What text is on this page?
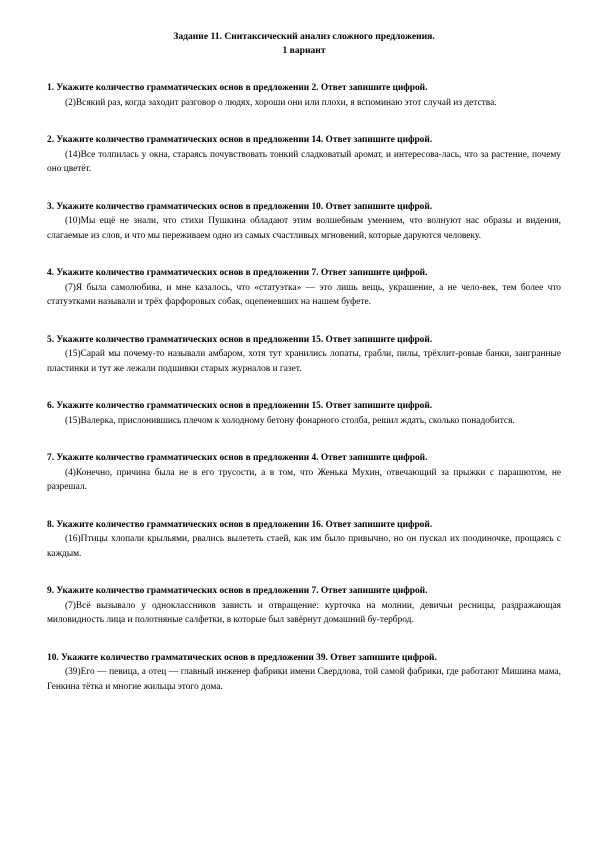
Задание 11. Синтаксический анализ сложного предложения.
1 вариант

1. Укажите количество грамматических основ в предложении 2. Ответ запишите цифрой.

(2)Всякий раз, когда заходит разговор о людях, хороши они или плохи, я вспоминаю этот случай из детства.

2. Укажите количество грамматических основ в предложении 14. Ответ запишите цифрой.

(14)Все толпилась у окна, стараясь почувствовать тонкий сладковатый аромат, и интересова-лась, что за растение, почему оно цветёт.

3. Укажите количество грамматических основ в предложении 10. Ответ запишите цифрой.

(10)Мы ещё не знали, что стихи Пушкина обладают этим волшебным умением, что волнуют нас образы и видения, слагаемые из слов, и что мы переживаем одно из самых счастливых мгновений, которые даруются человеку.

4. Укажите количество грамматических основ в предложении 7. Ответ запишите цифрой.

(7)Я была самолюбива, и мне казалось, что «статуэтка» — это лишь вещь, украшение, а не чело-век, тем более что статуэтками называли и трёх фарфоровых собак, оцепеневших на нашем буфете.

5. Укажите количество грамматических основ в предложении 15. Ответ запишите цифрой.

(15)Сарай мы почему-то называли амбаром, хотя тут хранились лопаты, грабли, пилы, трёхлит-ровые банки, заигранные пластинки и тут же лежали подшивки старых журналов и газет.

6. Укажите количество грамматических основ в предложении 15. Ответ запишите цифрой.

(15)Валерка, прислонившись плечом к холодному бетону фонарного столба, решил ждать, сколько понадобится.

7. Укажите количество грамматических основ в предложении 4. Ответ запишите цифрой.

(4)Конечно, причина была не в его трусости, а в том, что Женька Мухин, отвечающий за прыжки с парашютом, не разрешал.

8. Укажите количество грамматических основ в предложении 16. Ответ запишите цифрой.

(16)Птицы хлопали крыльями, рвались вылететь стаей, как им было привычно, но он пускал их поодиночке, прощаясь с каждым.

9. Укажите количество грамматических основ в предложении 7. Ответ запишите цифрой.

(7)Всё вызывало у одноклассников зависть и отвращение: курточка на молнии, девичьи ресницы, раздражающая миловидность лица и полотняные салфетки, в которые был завёрнут домашний бу-терброд.

10. Укажите количество грамматических основ в предложении 39. Ответ запишите цифрой.

(39)Его — певица, а отец — главный инженер фабрики имени Свердлова, той самой фабрики, где работают Мишина мама, Генкина тётка и многие жильцы этого дома.
